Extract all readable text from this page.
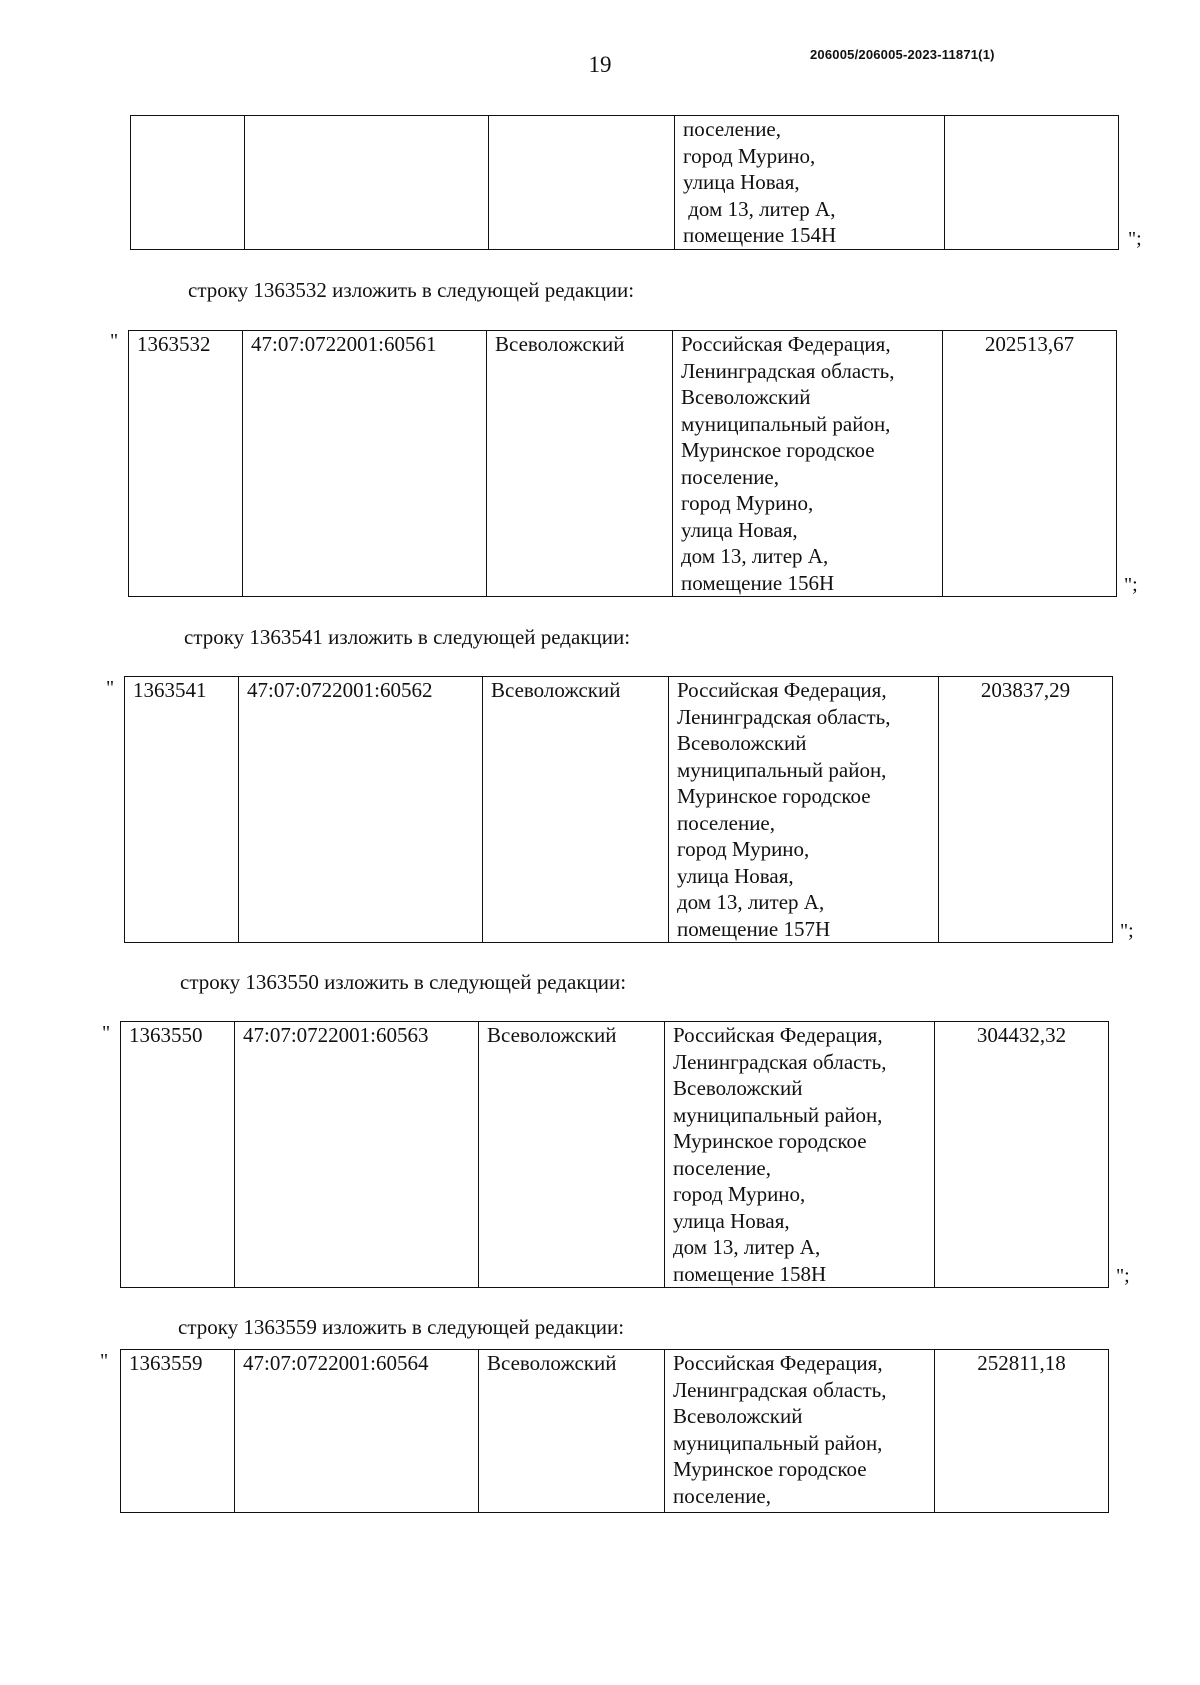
19	206005/206005-2023-11871(1)

поселение,
город Мурино,
улица Новая,
дом 13, литер А,
помещение 154Н
		";
строку 1363532 изложить в следующей редакции:
" 1363532	47:07:0722001:60561	Всеволожский	Российская Федерация,
Ленинградская область,
Всеволожский
муниципальный район,
Муринское городское
поселение,
город Мурино,
улица Новая,
дом 13, литер А,
помещение 156Н
	202513,67
";
строку 1363541 изложить в следующей редакции:
" 1363541	47:07:0722001:60562	Всеволожский	Российская Федерация,
Ленинградская область,
Всеволожский
муниципальный район,
Муринское городское
поселение,
город Мурино,
улица Новая,
дом 13, литер А,
помещение 157Н
	203837,29
";
строку 1363550 изложить в следующей редакции:
" 1363550	47:07:0722001:60563	Всеволожский	Российская Федерация,
Ленинградская область,
Всеволожский
муниципальный район,
Муринское городское
поселение,
город Мурино,
улица Новая,
дом 13, литер А,
помещение 158Н
	304432,32
";
строку 1363559 изложить в следующей редакции:
" 1363559	47:07:0722001:60564	Всеволожский	Российская Федерация,
Ленинградская область,
Всеволожский
муниципальный район,
Муринское городское
поселение,
	252811,18
